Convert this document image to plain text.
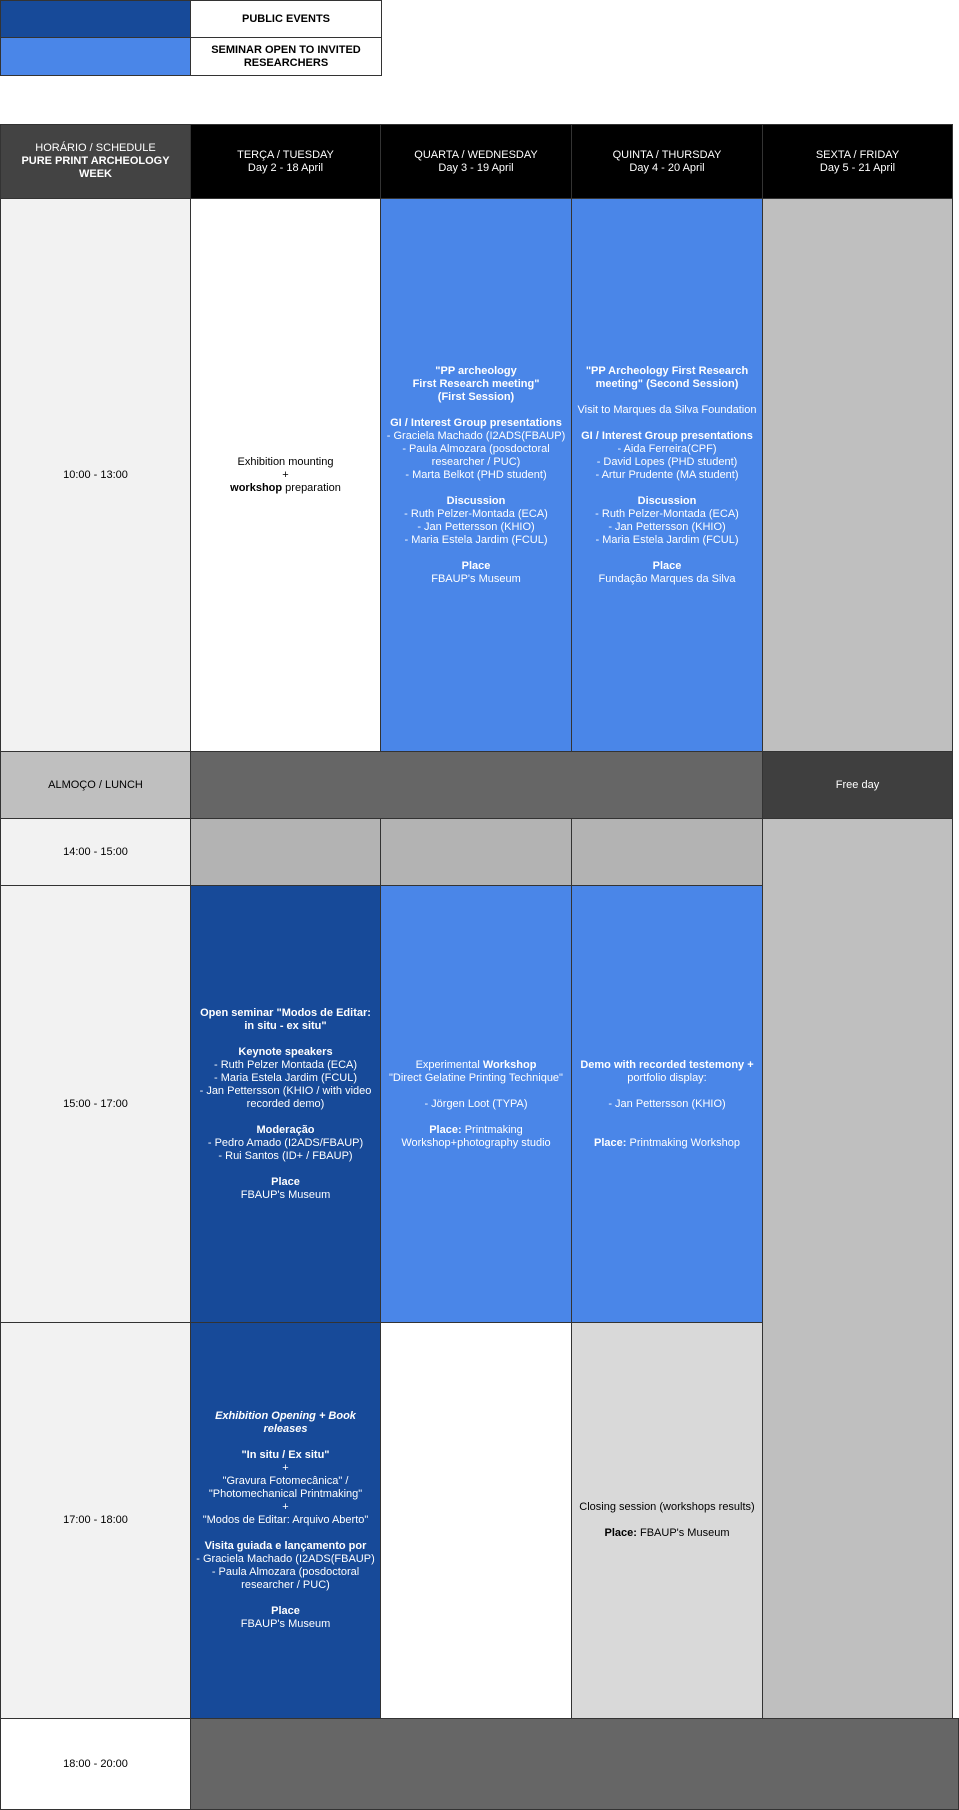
PUBLIC EVENTS
SEMINAR OPEN TO INVITED RESEARCHERS
HORÁRIO / SCHEDULE
PURE PRINT ARCHEOLOGY WEEK
TERÇA / TUESDAY
Day 2 - 18 April
QUARTA / WEDNESDAY
Day 3 - 19 April
QUINTA / THURSDAY
Day 4 - 20 April
SEXTA / FRIDAY
Day 5 - 21 April
10:00 - 13:00
Exhibition mounting
+
workshop preparation
"PP archeology
First Research meeting"
(First Session)
GI / Interest Group presentations
- Graciela Machado (I2ADS(FBAUP)
- Paula Almozara (posdoctoral researcher / PUC)
- Marta Belkot (PHD student)
Discussion
- Ruth Pelzer-Montada (ECA)
- Jan Pettersson (KHIO)
- Maria Estela Jardim (FCUL)
Place
FBAUP's Museum
"PP Archeology First Research meeting" (Second Session)
Visit to Marques da Silva Foundation
GI / Interest Group presentations
- Aida Ferreira(CPF)
- David Lopes (PHD student)
- Artur Prudente (MA student)
Discussion
- Ruth Pelzer-Montada (ECA)
- Jan Pettersson (KHIO)
- Maria Estela Jardim (FCUL)
Place
Fundação Marques da Silva
ALMOÇO / LUNCH	Free day
14:00 - 15:00
15:00 - 17:00
Open seminar "Modos de Editar: in situ - ex situ"
Keynote speakers
- Ruth Pelzer Montada (ECA)
- Maria Estela Jardim (FCUL)
- Jan Pettersson (KHIO / with video recorded demo)
Moderação
- Pedro Amado (I2ADS/FBAUP)
- Rui Santos (ID+ / FBAUP)
Place
FBAUP's Museum
Experimental Workshop
"Direct Gelatine Printing Technique"
- Jörgen Loot (TYPA)
Place: Printmaking Workshop+photography studio
Demo with recorded testemony +
portfolio display:
- Jan Pettersson (KHIO)
Place: Printmaking Workshop
17:00 - 18:00
Exhibition Opening + Book releases
"In situ / Ex situ"
+
"Gravura Fotomecânica" / "Photomechanical Printmaking"
+
"Modos de Editar: Arquivo Aberto"
Visita guiada e lançamento por
- Graciela Machado (I2ADS(FBAUP)
- Paula Almozara (posdoctoral researcher / PUC)
Place
FBAUP's Museum
Closing session (workshops results)
Place: FBAUP's Museum
18:00 - 20:00
